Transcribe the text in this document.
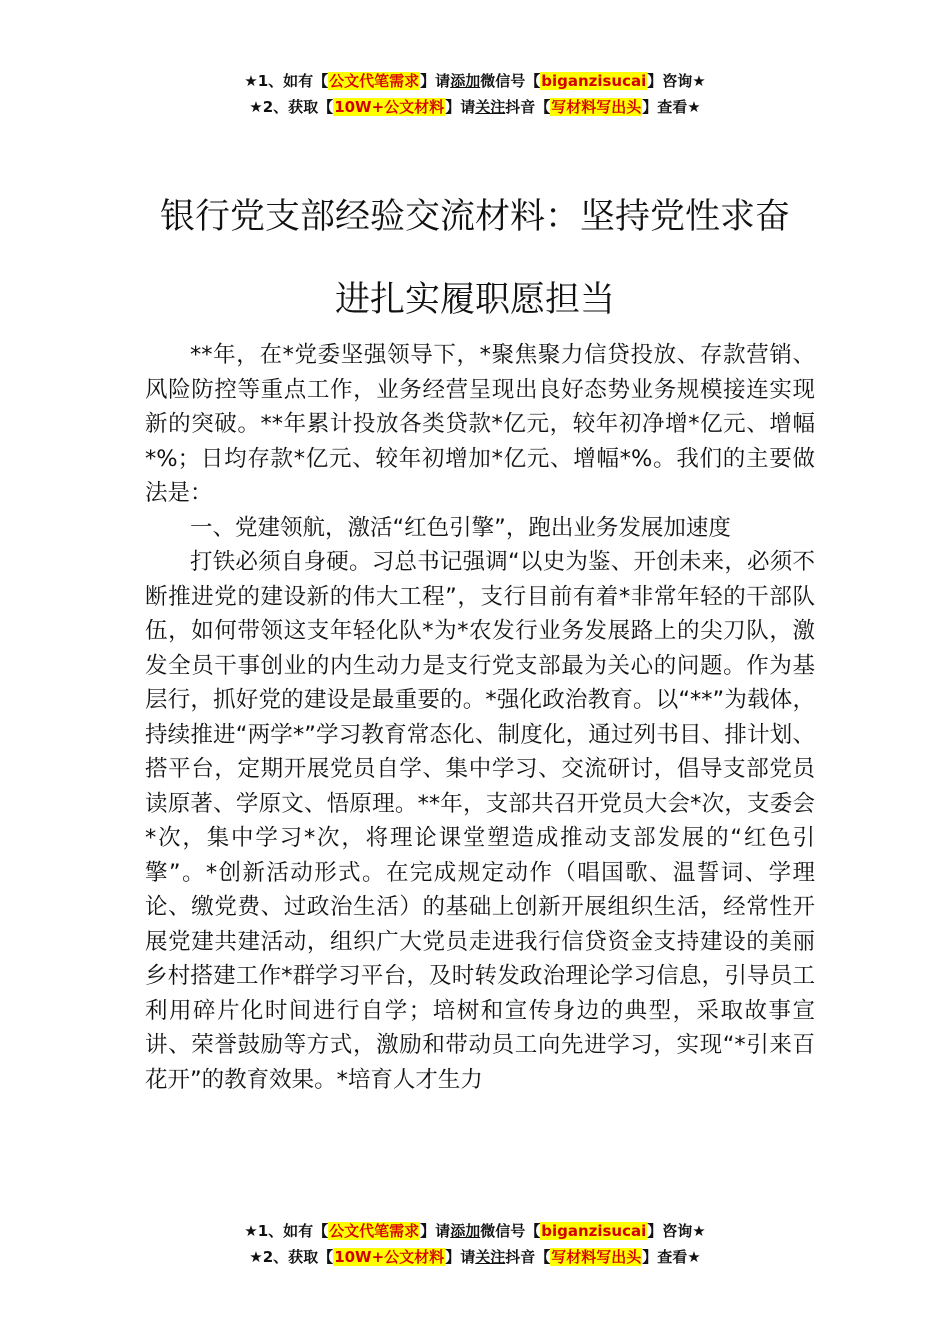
★1、如有【公文代笔需求】请添加微信号【biganzisucai】咨询★
★2、获取【10W+公文材料】请关注抖音【写材料写出头】查看★
银行党支部经验交流材料：坚持党性求奋
进扎实履职愿担当

**年，在*党委坚强领导下，*聚焦聚力信贷投放、存款营销、风险防控等重点工作，业务经营呈现出良好态势业务规模接连实现新的突破。**年累计投放各类贷款*亿元，较年初净增*亿元、增幅*%；日均存款*亿元、较年初增加*亿元、增幅*%。我们的主要做法是：

一、党建领航，激活“红色引擎”，跑出业务发展加速度

打铁必须自身硬。习总书记强调“以史为鉴、开创未来，必须不断推进党的建设新的伟大工程”，支行目前有着*非常年轻的干部队伍，如何带领这支年轻化队*为*农发行业务发展路上的尖刀队，激发全员干事创业的内生动力是支行党支部最为关心的问题。作为基层行，抓好党的建设是最重要的。*强化政治教育。以“**”为载体，持续推进“两学*”学习教育常态化、制度化，通过列书目、排计划、搭平台，定期开展党员自学、集中学习、交流研讨，倡导支部党员读原著、学原文、悟原理。**年，支部共召开党员大会*次，支委会*次，集中学习*次，将理论课堂塑造成推动支部发展的“红色引擎”。*创新活动形式。在完成规定动作（唱国歌、温誓词、学理论、缴党费、过政治生活）的基础上创新开展组织生活，经常性开展党建共建活动，组织广大党员走进我行信贷资金支持建设的美丽乡村搭建工作*群学习平台，及时转发政治理论学习信息，引导员工利用碎片化时间进行自学；培树和宣传身边的典型，采取故事宣讲、荣誉鼓励等方式，激励和带动员工向先进学习，实现“*引来百花开”的教育效果。*培育人才生力

★1、如有【公文代笔需求】请添加微信号【biganzisucai】咨询★
★2、获取【10W+公文材料】请关注抖音【写材料写出头】查看★
